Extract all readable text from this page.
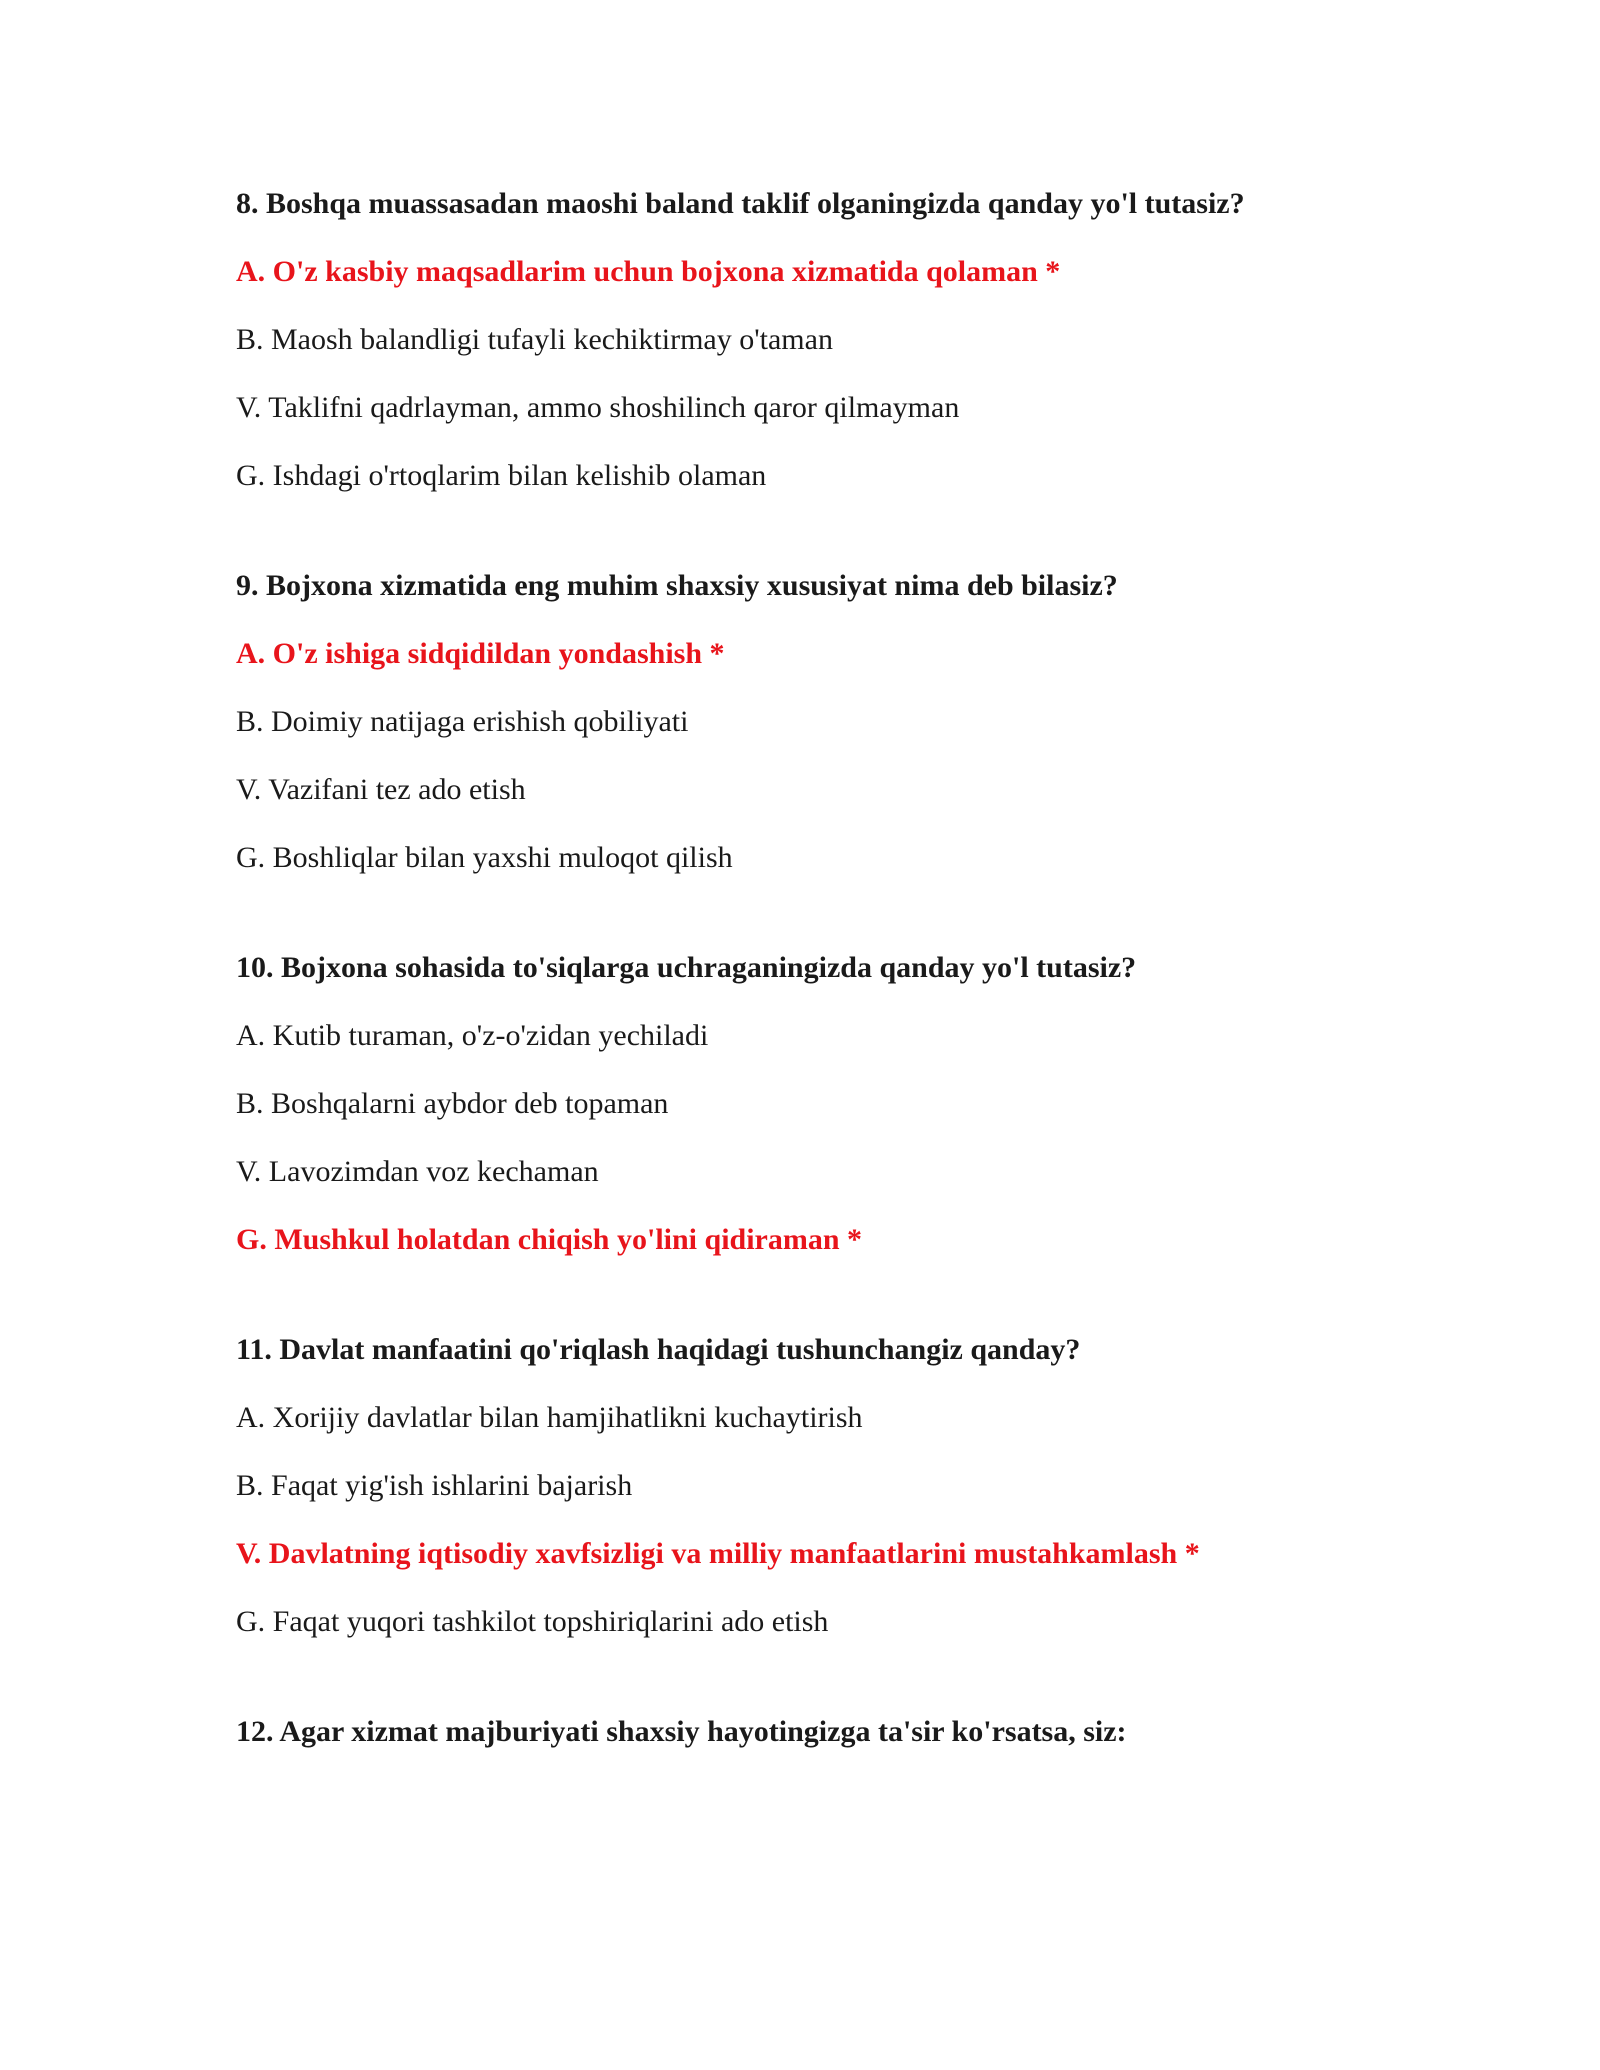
8. Boshqa muassasadan maoshi baland taklif olganingizda qanday yo'l tutasiz?
A. O'z kasbiy maqsadlarim uchun bojxona xizmatida qolaman *
B. Maosh balandligi tufayli kechiktirmay o'taman
V. Taklifni qadrlayman, ammo shoshilinch qaror qilmayman
G. Ishdagi o'rtoqlarim bilan kelishib olaman
9. Bojxona xizmatida eng muhim shaxsiy xususiyat nima deb bilasiz?
A. O'z ishiga sidqidildan yondashish *
B. Doimiy natijaga erishish qobiliyati
V. Vazifani tez ado etish
G. Boshliqlar bilan yaxshi muloqot qilish
10. Bojxona sohasida to'siqlarga uchraganingizda qanday yo'l tutasiz?
A. Kutib turaman, o'z-o'zidan yechiladi
B. Boshqalarni aybdor deb topaman
V. Lavozimdan voz kechaman
G. Mushkul holatdan chiqish yo'lini qidiraman *
11. Davlat manfaatini qo'riqlash haqidagi tushunchangiz qanday?
A. Xorijiy davlatlar bilan hamjihatlikni kuchaytirish
B. Faqat yig'ish ishlarini bajarish
V. Davlatning iqtisodiy xavfsizligi va milliy manfaatlarini mustahkamlash *
G. Faqat yuqori tashkilot topshiriqlarini ado etish
12. Agar xizmat majburiyati shaxsiy hayotingizga ta'sir ko'rsatsa, siz:
